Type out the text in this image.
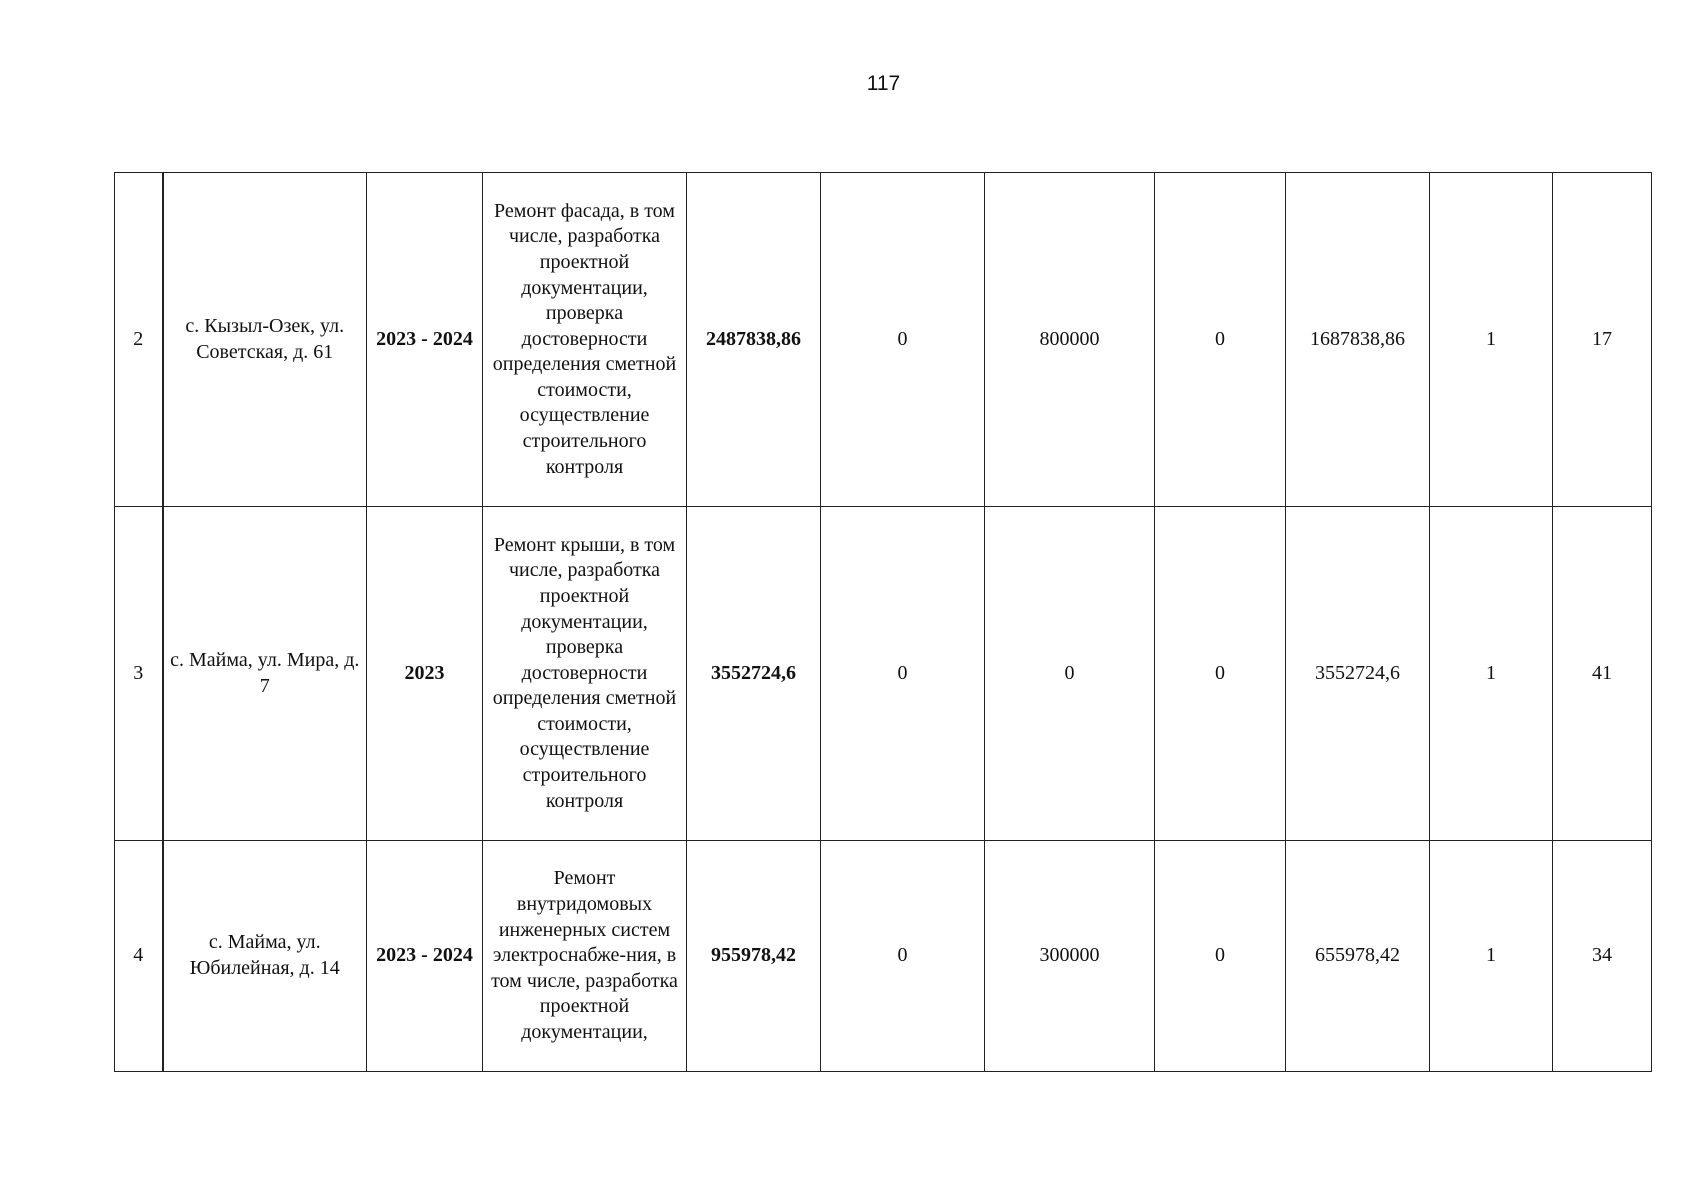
117
2	с. Кызыл-Озек, ул. Советская, д. 61	2023 - 2024	Ремонт фасада, в том числе, разработка проектной документации, проверка достоверности определения сметной стоимости, осуществление строительного контроля	2487838,86	0	800000	0	1687838,86	1	17
3	с. Майма, ул. Мира, д. 7	2023	Ремонт крыши, в том числе, разработка проектной документации, проверка достоверности определения сметной стоимости, осуществление строительного контроля	3552724,6	0	0	0	3552724,6	1	41
4	с. Майма, ул. Юбилейная, д. 14	2023 - 2024	Ремонт внутридомовых инженерных систем электроснабже-ния, в том числе, разработка проектной документации,	955978,42	0	300000	0	655978,42	1	34
